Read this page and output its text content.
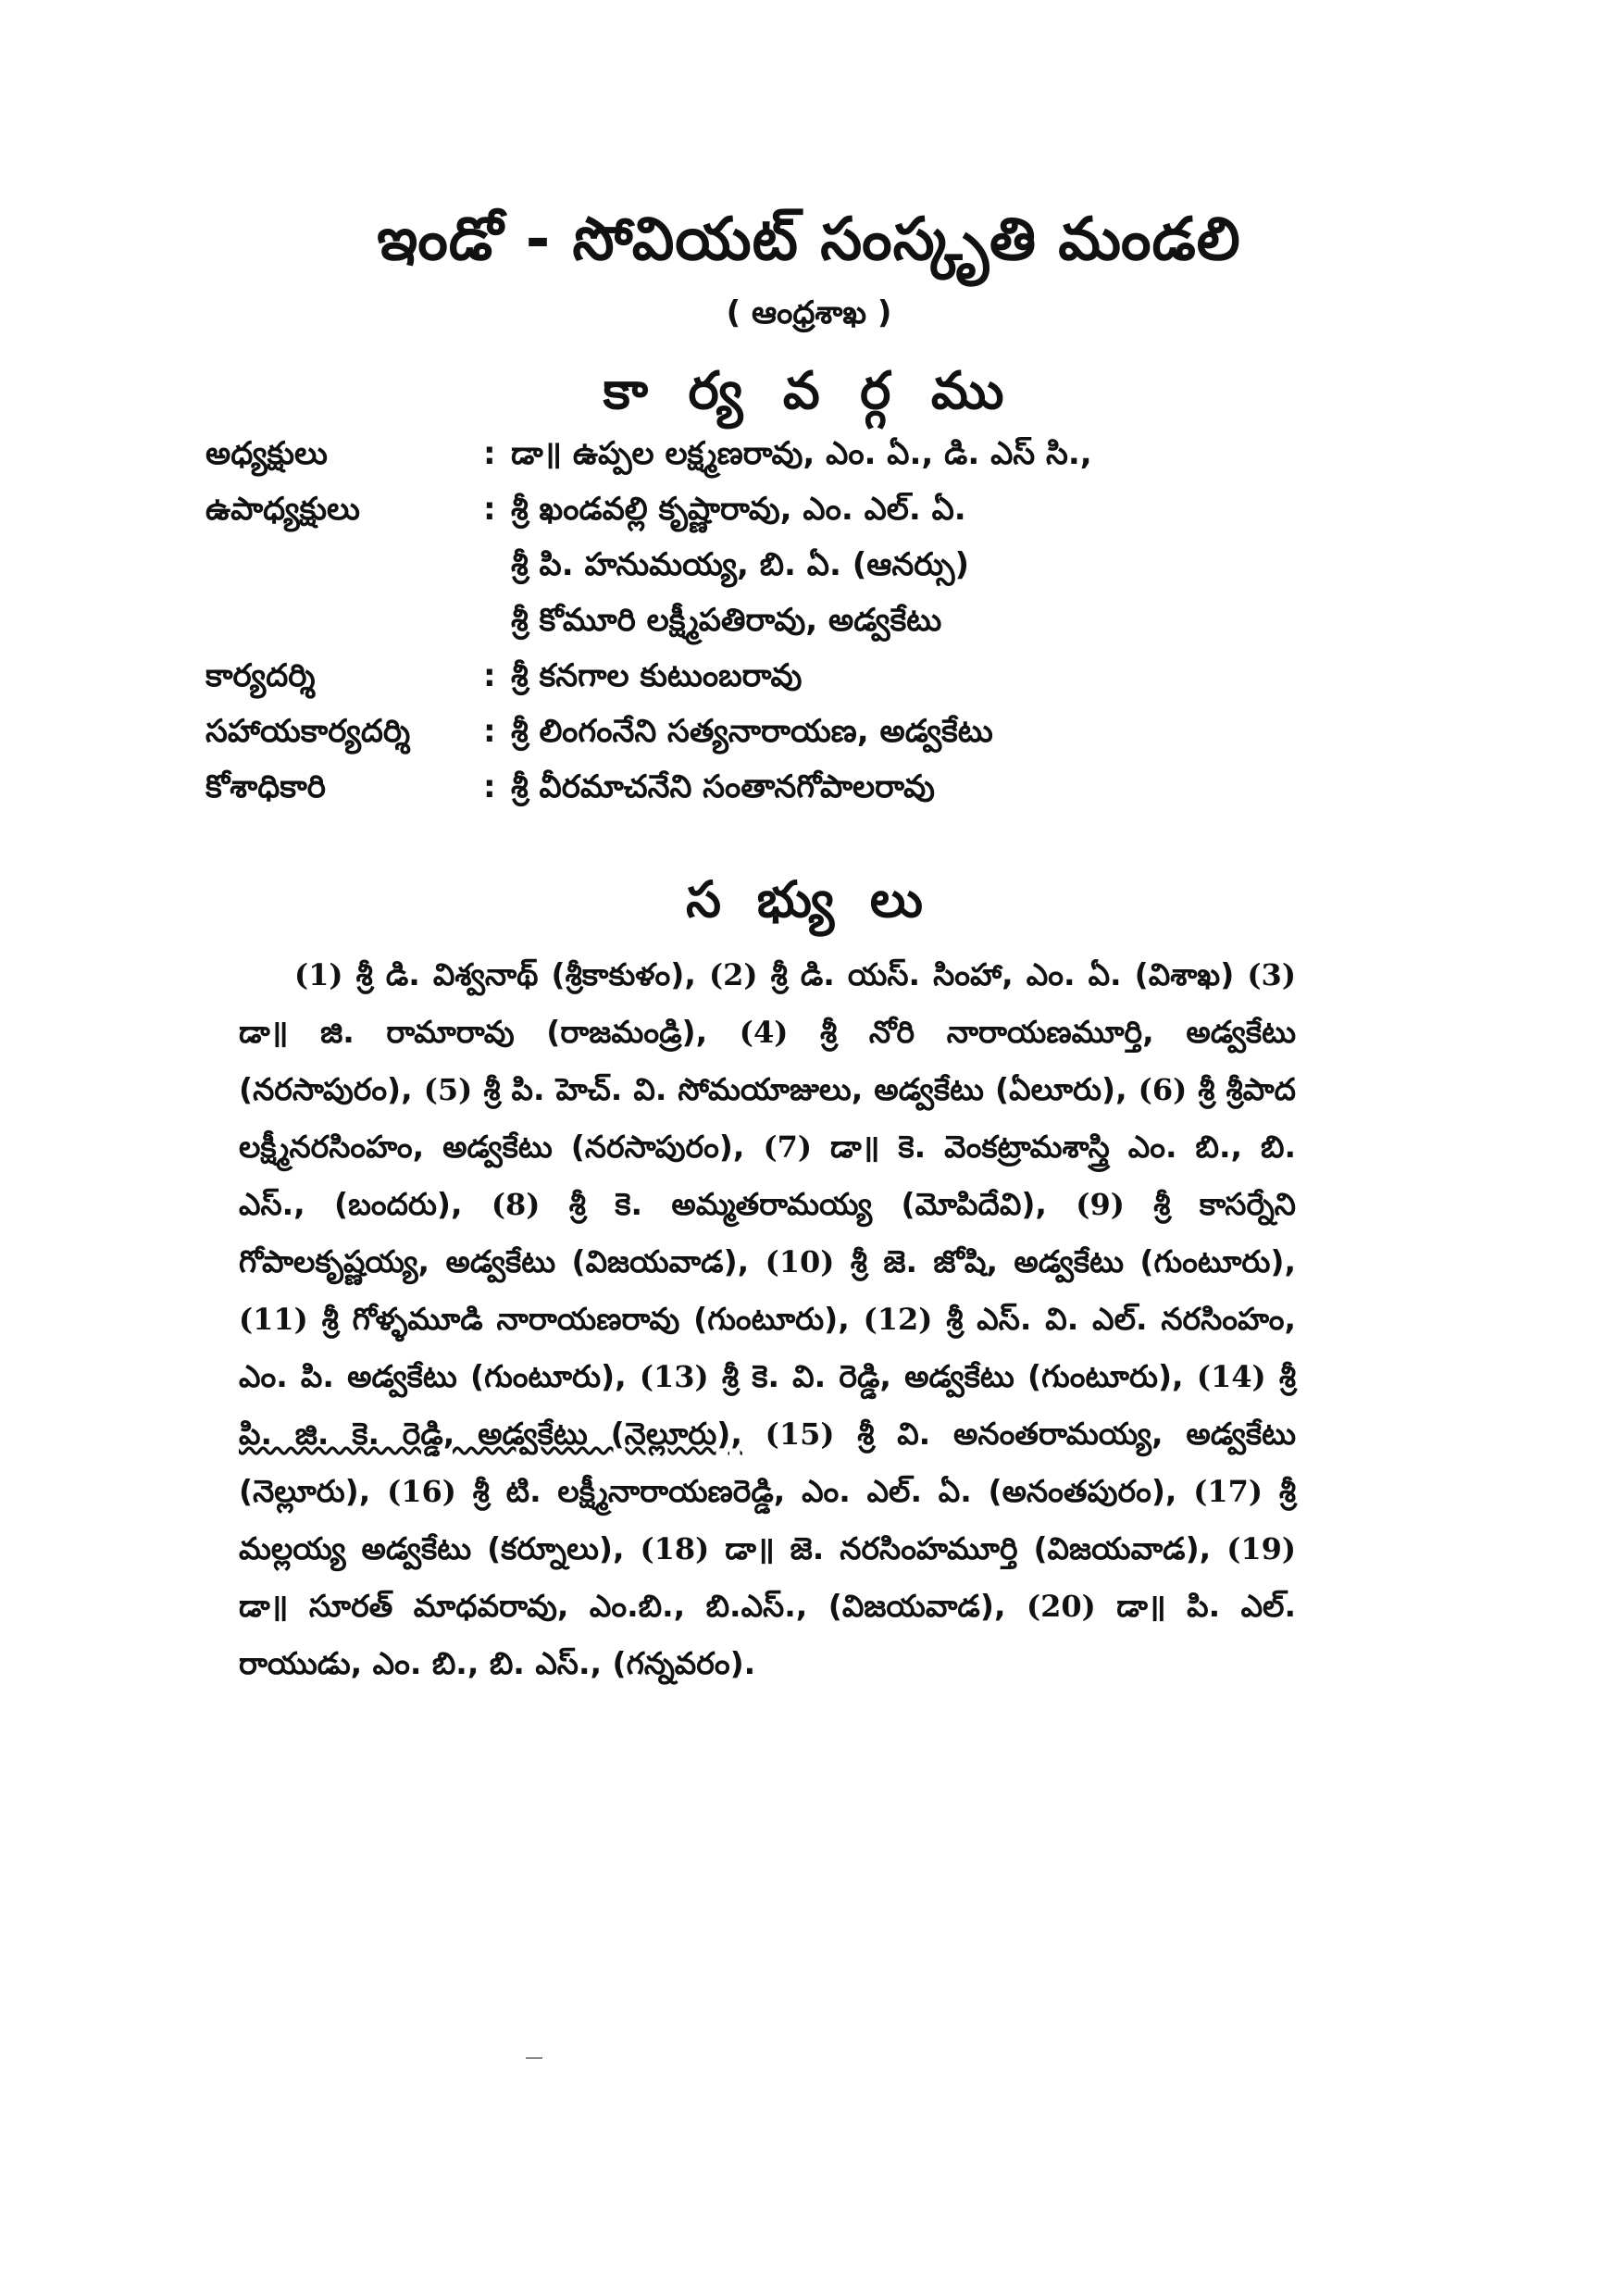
ఇండో - సోవియట్ సంస్కృతి మండలి
( ఆంధ్రశాఖ )
కా ర్య వ ర్గ ము
అధ్యక్షులు	: డా॥ ఉప్పల లక్ష్మణరావు, ఎం. ఏ., డి. ఎస్ సి.,
ఉపాధ్యక్షులు	: శ్రీ ఖండవల్లి కృష్ణారావు, ఎం. ఎల్. ఏ.
శ్రీ పి. హనుమయ్య, బి. ఏ. (ఆనర్సు)
శ్రీ కోమూరి లక్ష్మీపతిరావు, అడ్వకేటు
కార్యదర్శి	: శ్రీ కనగాల కుటుంబరావు
సహాయకార్యదర్శి	: శ్రీ లింగంనేని సత్యనారాయణ, అడ్వకేటు
కోశాధికారి	: శ్రీ వీరమాచనేని సంతానగోపాలరావు
స భ్యు లు
(1) శ్రీ డి. విశ్వనాథ్ (శ్రీకాకుళం), (2) శ్రీ డి. యస్. సింహా, ఎం. ఏ. (విశాఖ) (3) డా॥ జి. రామారావు (రాజమండ్రి), (4) శ్రీ నోరి నారాయణమూర్తి, అడ్వకేటు (నరసాపురం), (5) శ్రీ పి. హెచ్. వి. సోమయాజులు, అడ్వకేటు (ఏలూరు), (6) శ్రీ శ్రీపాద లక్ష్మీనరసింహం, అడ్వకేటు (నరసాపురం), (7) డా॥ కె. వెంకట్రామశాస్త్రి ఎం. బి., బి. ఎస్., (బందరు), (8) శ్రీ కె. అమ్మతరామయ్య (మోపిదేవి), (9) శ్రీ కాసర్నేని గోపాలకృష్ణయ్య, అడ్వకేటు (విజయవాడ), (10) శ్రీ జె. జోషి, అడ్వకేటు (గుంటూరు), (11) శ్రీ గోళ్ళమూడి నారాయణరావు (గుంటూరు), (12) శ్రీ ఎస్. వి. ఎల్. నరసింహం, ఎం. పి. అడ్వకేటు (గుంటూరు), (13) శ్రీ కె. వి. రెడ్డి, అడ్వకేటు (గుంటూరు), (14) శ్రీ పి. జి. కె. రెడ్డి, అడ్వకేటు (నెల్లూరు), (15) శ్రీ వి. అనంతరామయ్య, అడ్వకేటు (నెల్లూరు), (16) శ్రీ టి. లక్ష్మీనారాయణరెడ్డి, ఎం. ఎల్. ఏ. (అనంతపురం), (17) శ్రీ మల్లయ్య అడ్వకేటు (కర్నూలు), (18) డా॥ జె. నరసింహమూర్తి (విజయవాడ), (19) డా॥ సూరత్ మాధవరావు, ఎం.బి., బి.ఎస్., (విజయవాడ), (20) డా॥ పి. ఎల్. రాయుడు, ఎం. బి., బి. ఎస్., (గన్నవరం).
